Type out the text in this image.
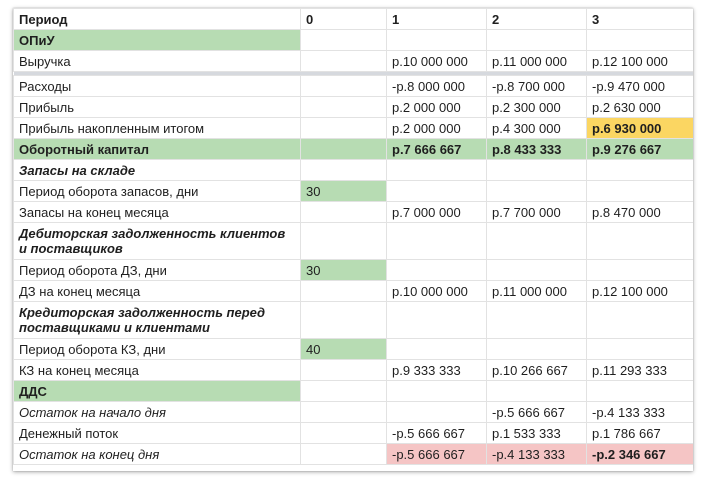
Период	0	1	2	3
ОПиУ				
Выручка		р.10 000 000	р.11 000 000	р.12 100 000

Расходы		-р.8 000 000	-р.8 700 000	-р.9 470 000
Прибыль		р.2 000 000	р.2 300 000	р.2 630 000
Прибыль накопленным итогом		р.2 000 000	р.4 300 000	р.6 930 000
Оборотный капитал		р.7 666 667	р.8 433 333	р.9 276 667
Запасы на складе				
Период оборота запасов, дни	30			
Запасы на конец месяца		р.7 000 000	р.7 700 000	р.8 470 000
Дебиторская задолженность клиентов и поставщиков				
Период оборота ДЗ, дни	30			
ДЗ на конец месяца		р.10 000 000	р.11 000 000	р.12 100 000
Кредиторская задолженность перед поставщиками и клиентами				
Период оборота КЗ, дни	40			
КЗ на конец месяца		р.9 333 333	р.10 266 667	р.11 293 333
ДДС				
Остаток на начало дня			-р.5 666 667	-р.4 133 333
Денежный поток		-р.5 666 667	р.1 533 333	р.1 786 667
Остаток на конец дня		-р.5 666 667	-р.4 133 333	-р.2 346 667
